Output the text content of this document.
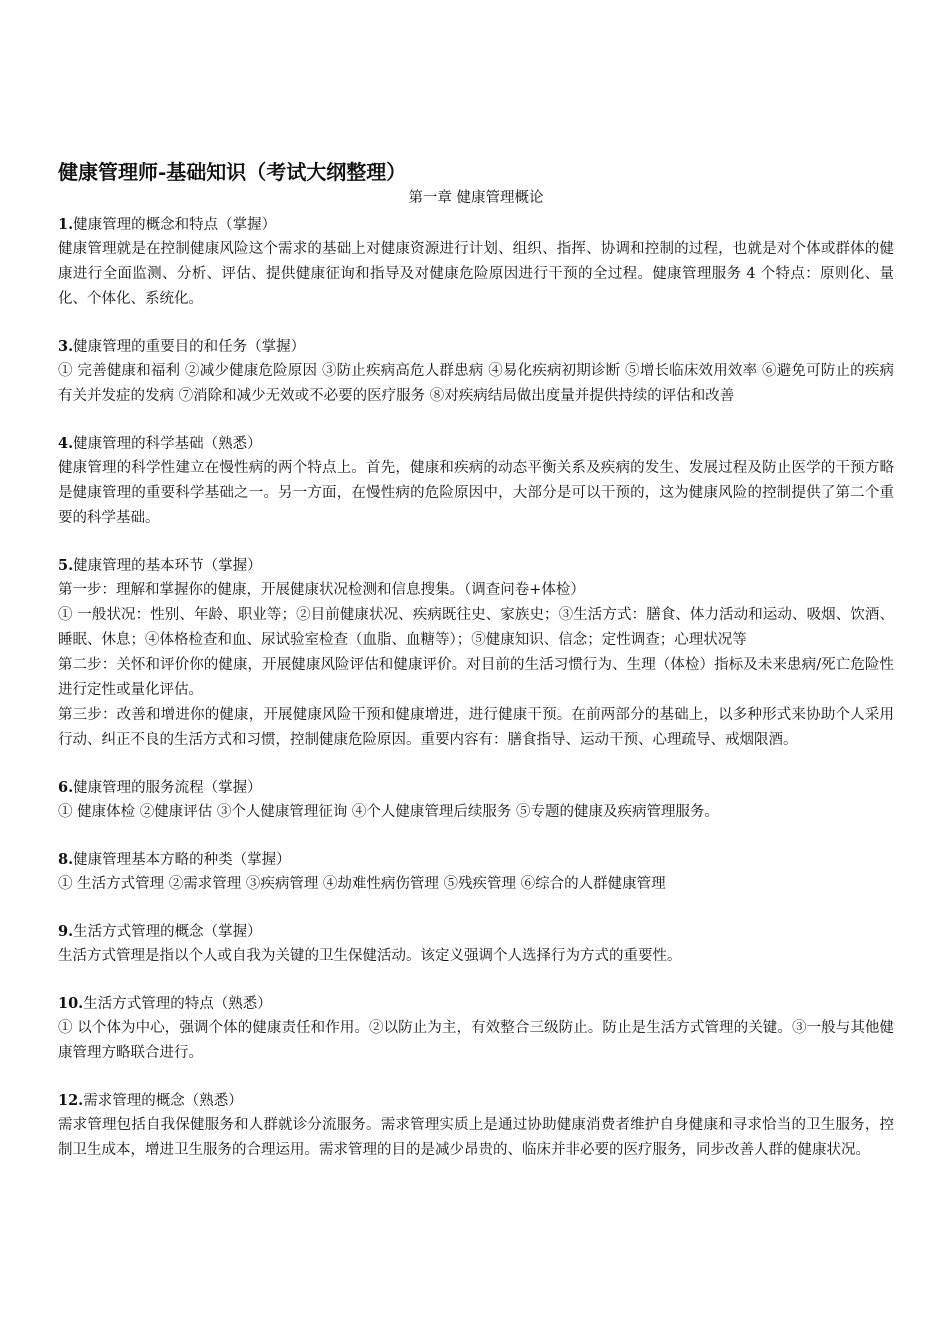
健康管理师-基础知识（考试大纲整理）

第一章 健康管理概论

1.健康管理的概念和特点（掌握）

健康管理就是在控制健康风险这个需求的基础上对健康资源进行计划、组织、指挥、协调和控制的过程，也就是对个体或群体的健康进行全面监测、分析、评估、提供健康征询和指导及对健康危险原因进行干预的全过程。健康管理服务 4 个特点：原则化、量化、个体化、系统化。

3.健康管理的重要目的和任务（掌握）

① 完善健康和福利 ②减少健康危险原因 ③防止疾病高危人群患病 ④易化疾病初期诊断 ⑤增长临床效用效率 ⑥避免可防止的疾病有关并发症的发病 ⑦消除和减少无效或不必要的医疗服务 ⑧对疾病结局做出度量并提供持续的评估和改善

4.健康管理的科学基础（熟悉）

健康管理的科学性建立在慢性病的两个特点上。首先，健康和疾病的动态平衡关系及疾病的发生、发展过程及防止医学的干预方略是健康管理的重要科学基础之一。另一方面，在慢性病的危险原因中，大部分是可以干预的，这为健康风险的控制提供了第二个重要的科学基础。

5.健康管理的基本环节（掌握）

第一步：理解和掌握你的健康，开展健康状况检测和信息搜集。（调查问卷+体检）

① 一般状况：性别、年龄、职业等；②目前健康状况、疾病既往史、家族史；③生活方式：膳食、体力活动和运动、吸烟、饮酒、睡眠、休息；④体格检查和血、尿试验室检查（血脂、血糖等）；⑤健康知识、信念；定性调查；心理状况等

第二步：关怀和评价你的健康，开展健康风险评估和健康评价。对目前的生活习惯行为、生理（体检）指标及未来患病/死亡危险性进行定性或量化评估。

第三步：改善和增进你的健康，开展健康风险干预和健康增进，进行健康干预。在前两部分的基础上，以多种形式来协助个人采用行动、纠正不良的生活方式和习惯，控制健康危险原因。重要内容有：膳食指导、运动干预、心理疏导、戒烟限酒。

6.健康管理的服务流程（掌握）

① 健康体检 ②健康评估 ③个人健康管理征询 ④个人健康管理后续服务 ⑤专题的健康及疾病管理服务。

8.健康管理基本方略的种类（掌握）

① 生活方式管理 ②需求管理 ③疾病管理 ④劫难性病伤管理 ⑤残疾管理 ⑥综合的人群健康管理

9.生活方式管理的概念（掌握）

生活方式管理是指以个人或自我为关键的卫生保健活动。该定义强调个人选择行为方式的重要性。

10.生活方式管理的特点（熟悉）

① 以个体为中心，强调个体的健康责任和作用。②以防止为主，有效整合三级防止。防止是生活方式管理的关键。③一般与其他健康管理方略联合进行。

12.需求管理的概念（熟悉）

需求管理包括自我保健服务和人群就诊分流服务。需求管理实质上是通过协助健康消费者维护自身健康和寻求恰当的卫生服务，控制卫生成本，增进卫生服务的合理运用。需求管理的目的是减少昂贵的、临床并非必要的医疗服务，同步改善人群的健康状况。
